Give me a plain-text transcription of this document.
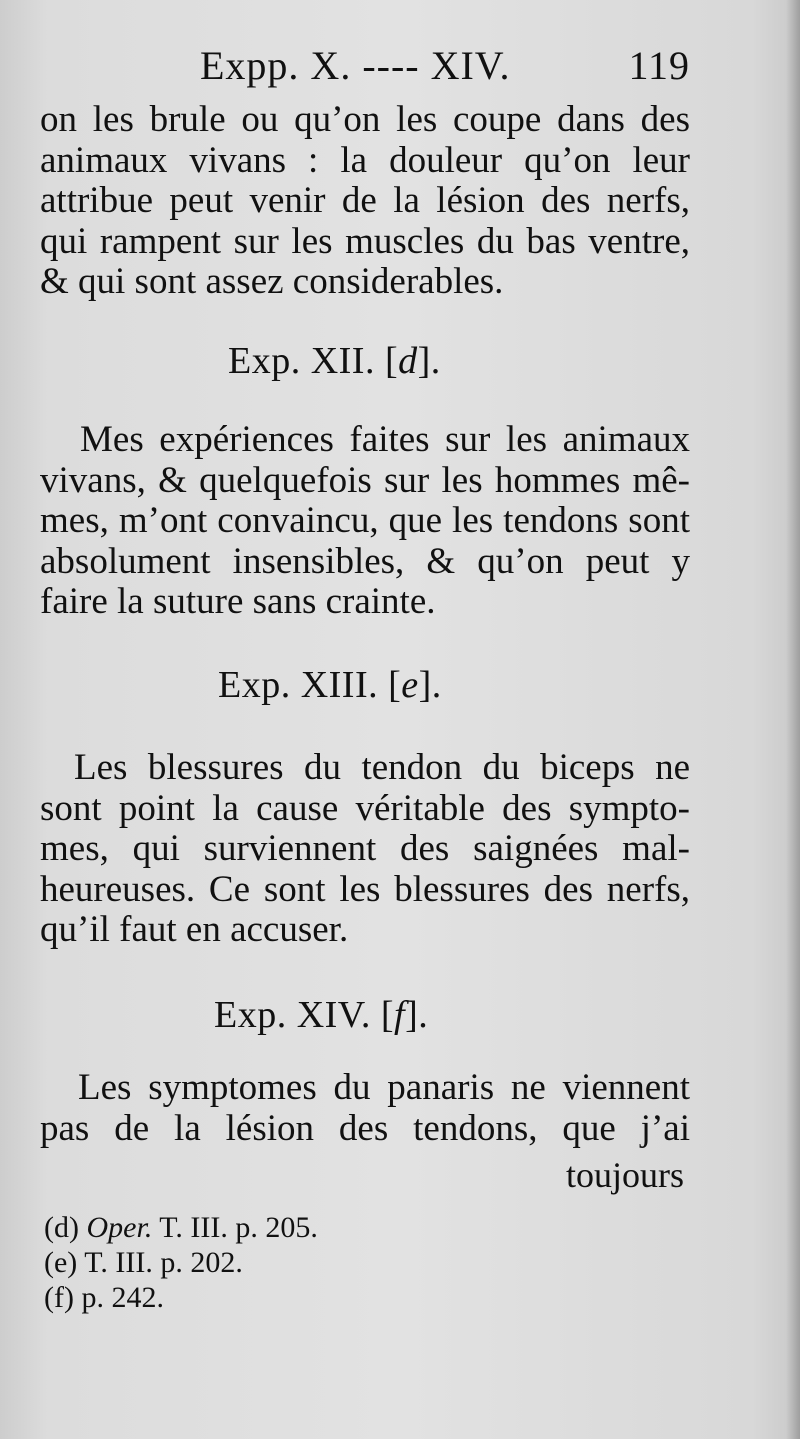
Expp. X. ---- XIV.	119
on les brule ou qu’on les coupe dans des
animaux vivans : la douleur qu’on leur
attribue peut venir de la lésion des nerfs,
qui rampent sur les muscles du bas ventre,
& qui sont assez considerables.
Exp. XII. [d].
Mes expériences faites sur les animaux
vivans, & quelquefois sur les hommes mê-
mes, m’ont convaincu, que les tendons sont
absolument insensibles, & qu’on peut y
faire la suture sans crainte.
Exp. XIII. [e].
Les blessures du tendon du biceps ne
sont point la cause véritable des sympto-
mes, qui surviennent des saignées mal-
heureuses. Ce sont les blessures des nerfs,
qu’il faut en accuser.
Exp. XIV. [f].
Les symptomes du panaris ne viennent
pas de la lésion des tendons, que j’ai
toujours
(d) Oper. T. III. p. 205.
(e) T. III. p. 202.
(f) p. 242.
